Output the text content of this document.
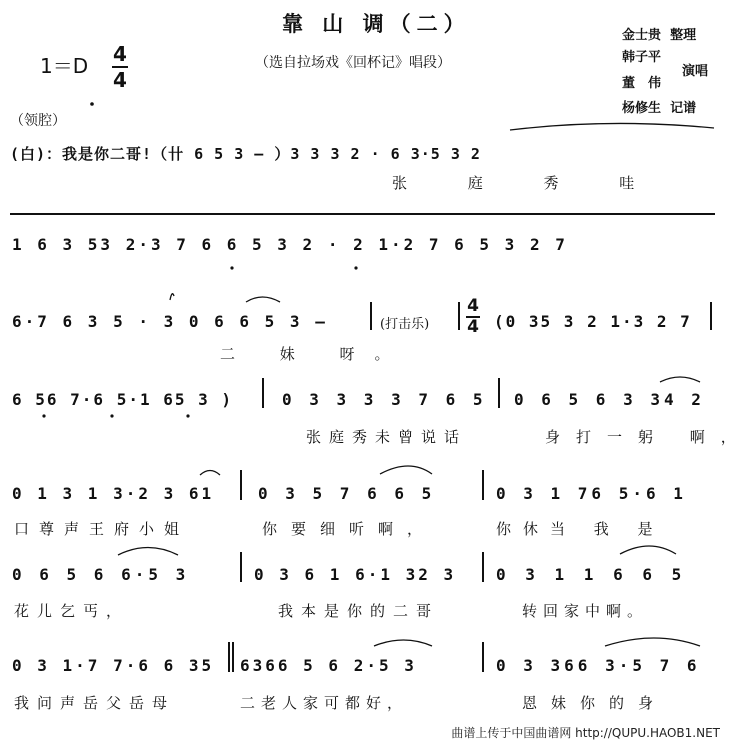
靠 山 调（二）
（选自拉场戏《回杯记》唱段）
1＝D 4
4
金士贵 整理
韩子平
演唱
董　伟
杨修生 记谱
（领腔）
(白)：我是你二哥!（卄 6 5 3 – ）3 3 3 2 · 6 3·5 3 2
张 庭 秀 哇
1 6 3 53 2·3 7 6 6 5 3 2 · 2 1·2 7 6 5 3 2 7
6·7 6 3 5 · 3 0 6 6 5 3 –	(打击乐)
4
4 (0 35 3 2 1·3 2 7
二 妹 呀。
6 56 7·6 5·1 65 3 )	0 3 3 3 3 7 6 5 0 6 5 6 3 34 2
张庭秀未曾说话	身打一躬 啊，
0 1 3 1 3·2 3 61	0 3 5 7 6 6 5	0 3 1 76 5·6 1
口尊声王府小姐	你要细听啊，	你休当 我 是
0 6 5 6 6·5 3	0 3 6 1 6·1 32 3 0 3 1 1 6 6 5
花儿乞丐，	我本是你的二哥	转回家中啊。
0 3 1·7 7·6 6 35 6366 5 6 2·5 3	0 3 366 3·5 7 6
我问声岳父岳母	二老人家可都好，	恩妹你的身
曲谱上传于中国曲谱网 http://QUPU.HAOB1.NET
